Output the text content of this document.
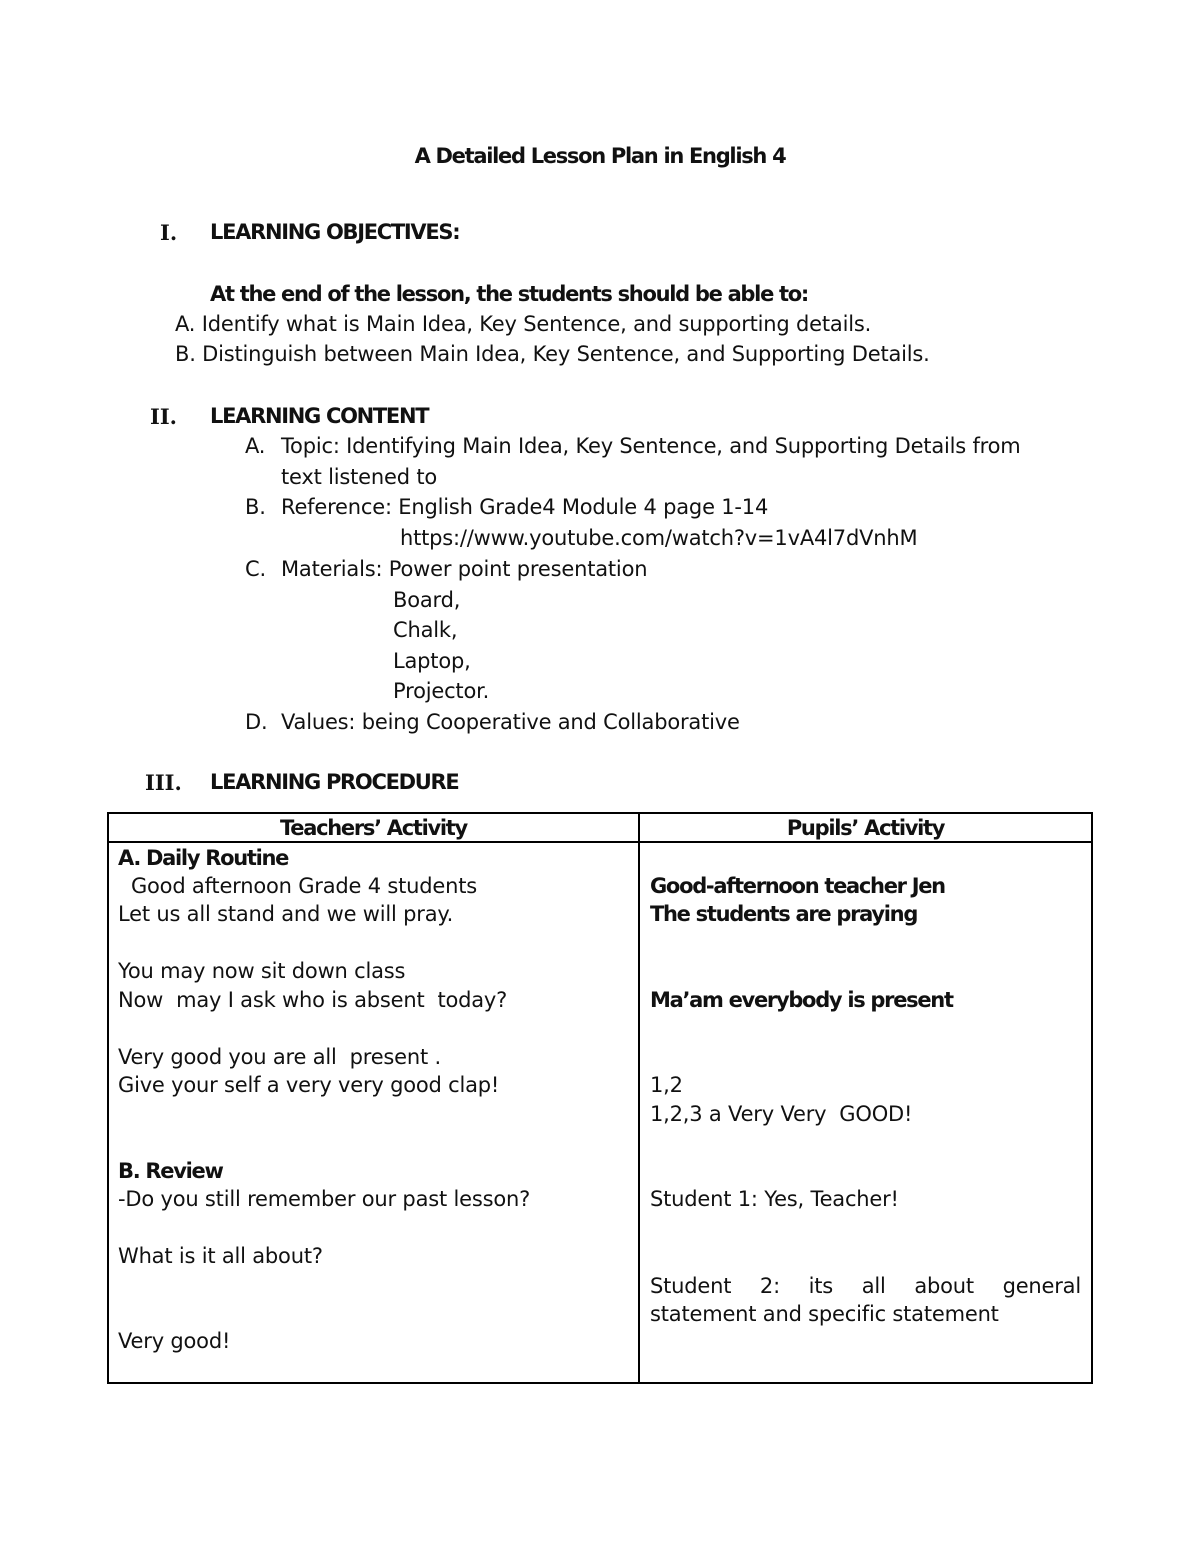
A Detailed Lesson Plan in English 4
I. LEARNING OBJECTIVES:
At the end of the lesson, the students should be able to:
A. Identify what is Main Idea, Key Sentence, and supporting details.
B. Distinguish between Main Idea, Key Sentence, and Supporting Details.
II. LEARNING CONTENT
A. Topic: Identifying Main Idea, Key Sentence, and Supporting Details from
text listened to
B. Reference: English Grade4 Module 4 page 1-14
https://www.youtube.com/watch?v=1vA4l7dVnhM
C. Materials: Power point presentation
Board,
Chalk,
Laptop,
Projector.
D. Values: being Cooperative and Collaborative
III. LEARNING PROCEDURE
Teachers’ Activity	Pupils’ Activity
A. Daily Routine
Good afternoon Grade 4 students
Let us all stand and we will pray.
You may now sit down class
Now  may I ask who is absent  today?
Very good you are all  present .
Give your self a very very good clap!
B. Review
-Do you still remember our past lesson?
What is it all about?
Very good!
Good-afternoon teacher Jen
The students are praying
Ma’am everybody is present
1,2
1,2,3 a Very Very  GOOD!
Student 1: Yes, Teacher!
Student 2: its all about general statement and specific statement
